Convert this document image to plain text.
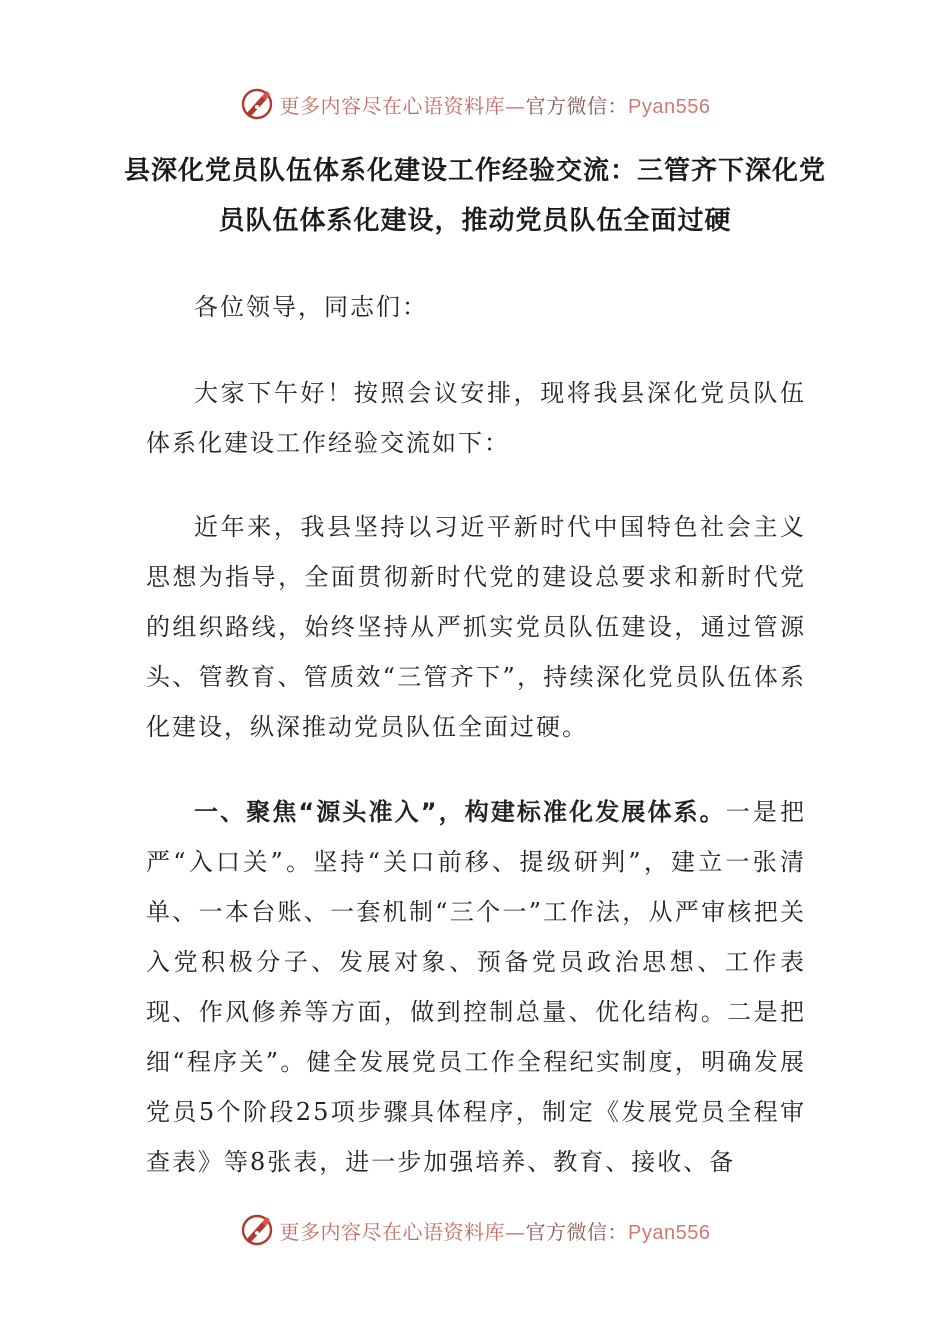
更多内容尽在心语资料库—官方微信：Pyan556
县深化党员队伍体系化建设工作经验交流：三管齐下深化党员队伍体系化建设，推动党员队伍全面过硬

各位领导，同志们：

大家下午好！按照会议安排，现将我县深化党员队伍体系化建设工作经验交流如下：

近年来，我县坚持以习近平新时代中国特色社会主义思想为指导，全面贯彻新时代党的建设总要求和新时代党的组织路线，始终坚持从严抓实党员队伍建设，通过管源头、管教育、管质效“三管齐下”，持续深化党员队伍体系化建设，纵深推动党员队伍全面过硬。

一、聚焦“源头准入”，构建标准化发展体系。一是把严“入口关”。坚持“关口前移、提级研判”，建立一张清单、一本台账、一套机制“三个一”工作法，从严审核把关入党积极分子、发展对象、预备党员政治思想、工作表现、作风修养等方面，做到控制总量、优化结构。二是把细“程序关”。健全发展党员工作全程纪实制度，明确发展党员5个阶段25项步骤具体程序，制定《发展党员全程审查表》等8张表，进一步加强培养、教育、接收、备

更多内容尽在心语资料库—官方微信：Pyan556
